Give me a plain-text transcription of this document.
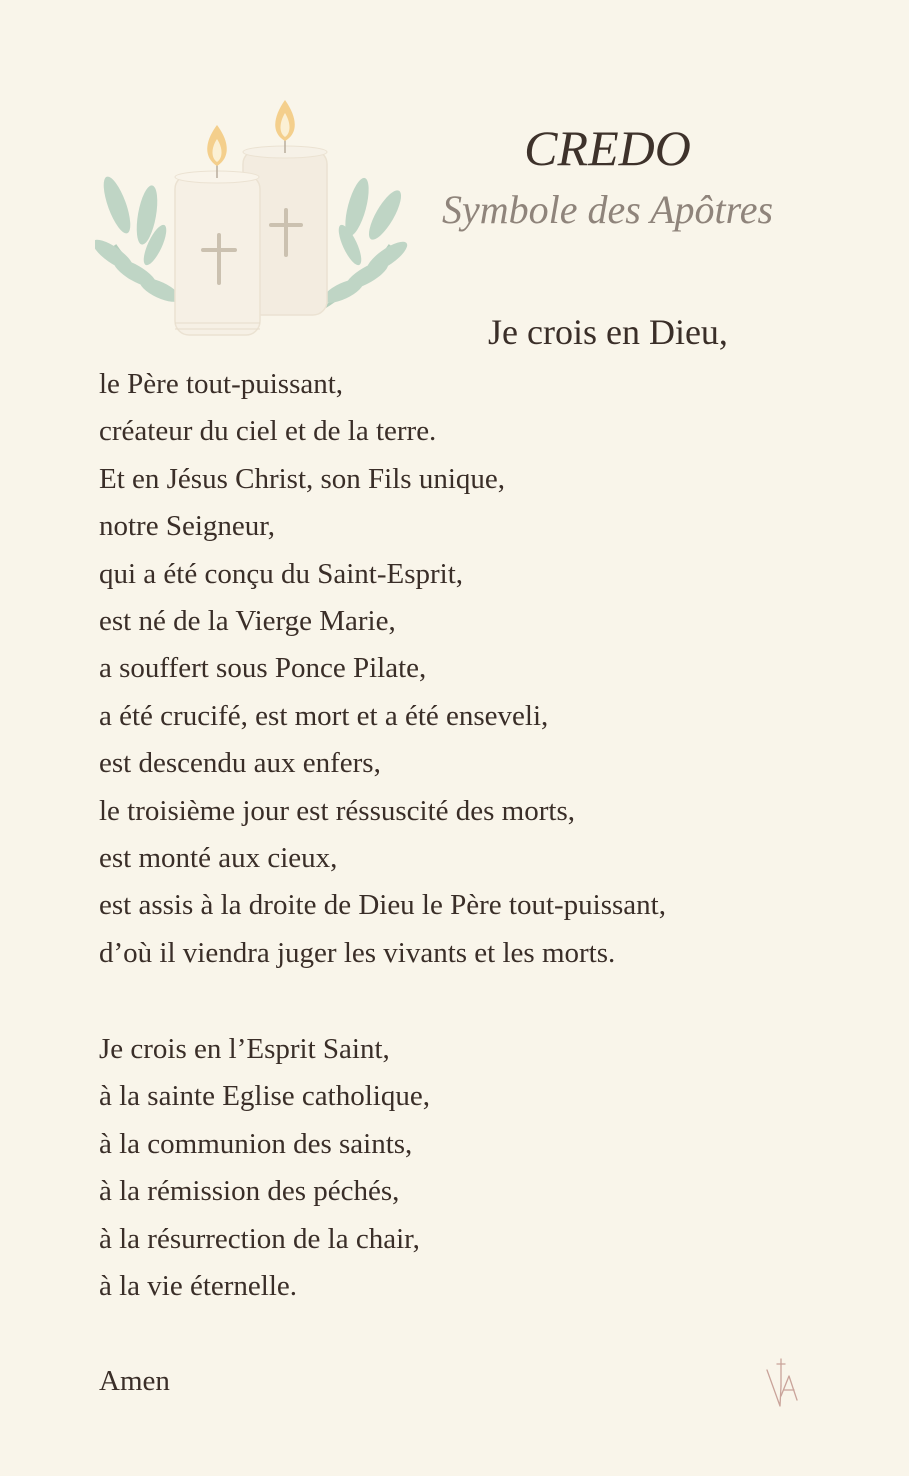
CREDO
Symbole des Apôtres
Je crois en Dieu,
le Père tout-puissant,
créateur du ciel et de la terre.
Et en Jésus Christ, son Fils unique,
notre Seigneur,
qui a été conçu du Saint-Esprit,
est né de la Vierge Marie,
a souffert sous Ponce Pilate,
a été crucifé, est mort et a été enseveli,
est descendu aux enfers,
le troisième jour est réssuscité des morts,
est monté aux cieux,
est assis à la droite de Dieu le Père tout-puissant,
d’où il viendra juger les vivants et les morts.
Je crois en l’Esprit Saint,
à la sainte Eglise catholique,
à la communion des saints,
à la rémission des péchés,
à la résurrection de la chair,
à la vie éternelle.
Amen
